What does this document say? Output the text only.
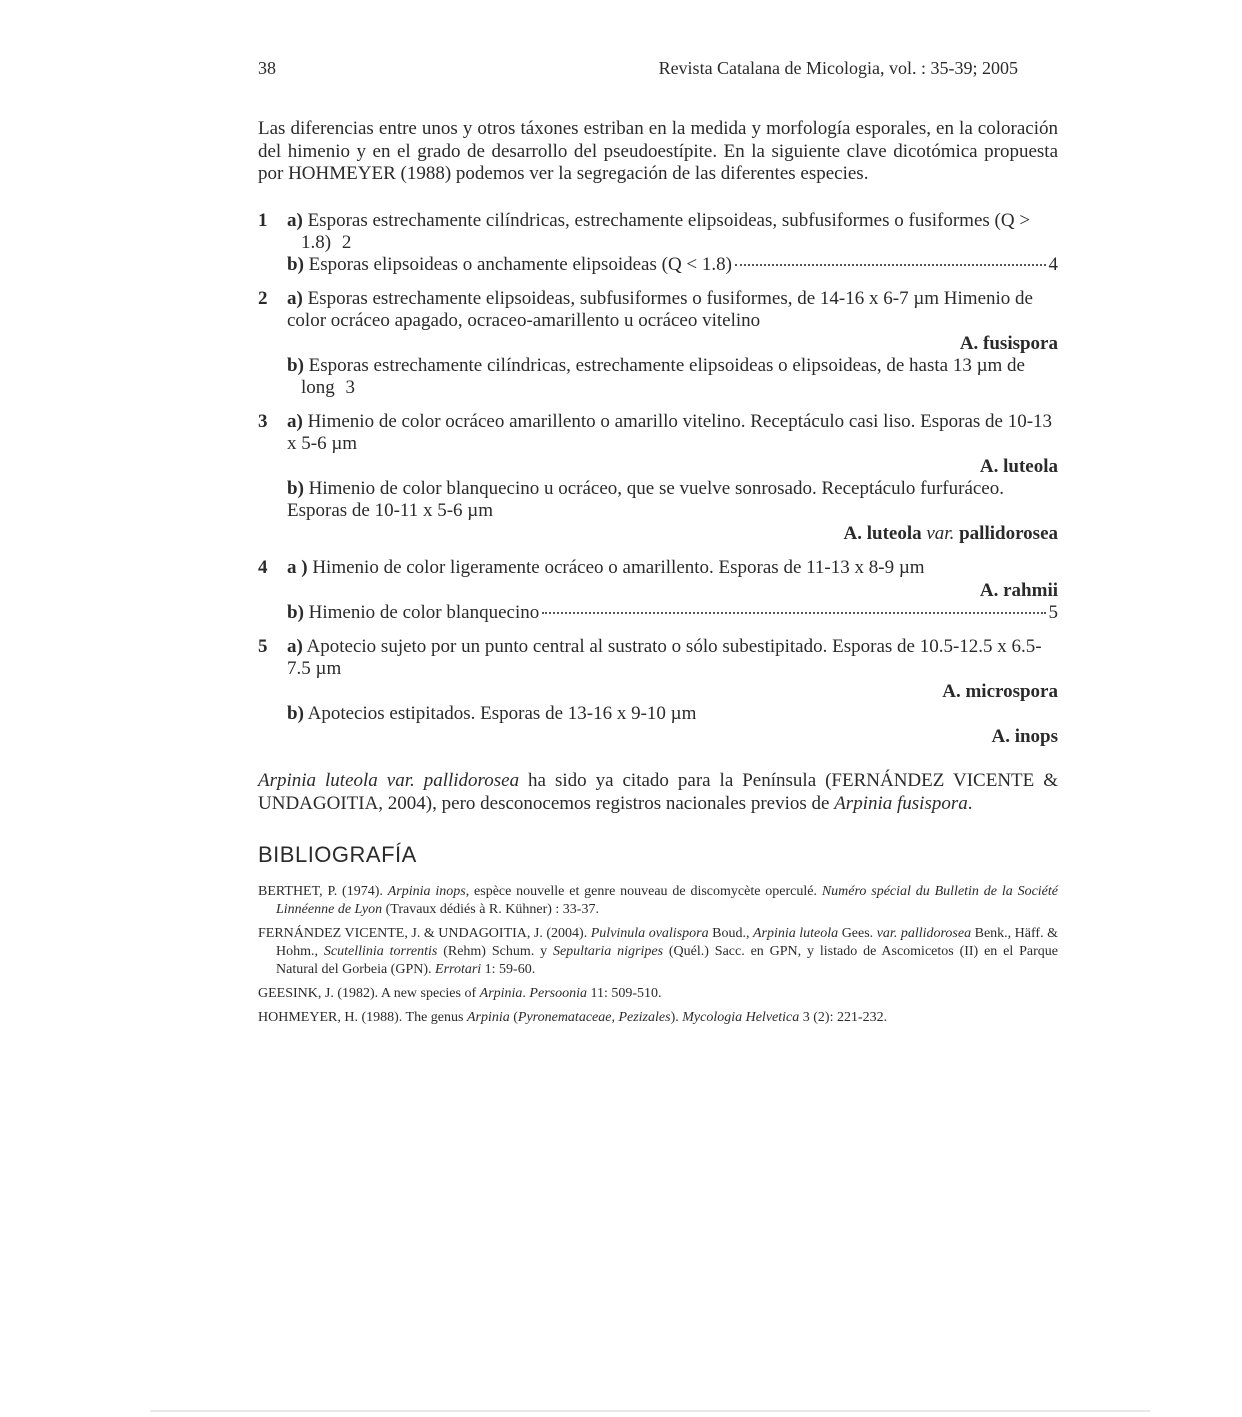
38	Revista Catalana de Micologia, vol. : 35-39; 2005

Las diferencias entre unos y otros táxones estriban en la medida y morfología esporales, en la coloración del himenio y en el grado de desarrollo del pseudoestípite. En la siguiente clave dicotómica propuesta por HOHMEYER (1988) podemos ver la segregación de las diferentes especies.

1 a) Esporas estrechamente cilíndricas, estrechamente elipsoideas, subfusiformes o fusiformes (Q >
1.8) 2
b) Esporas elipsoideas o anchamente elipsoideas (Q < 1.8)	4
2 a) Esporas estrechamente elipsoideas, subfusiformes o fusiformes, de 14-16 x 6-7 µm Himenio de color ocráceo apagado, ocraceo-amarillento u ocráceo vitelino
A. fusispora
b) Esporas estrechamente cilíndricas, estrechamente elipsoideas o elipsoideas, de hasta 13 µm de
long 3
3 a) Himenio de color ocráceo amarillento o amarillo vitelino. Receptáculo casi liso. Esporas de 10-13 x 5-6 µm
A. luteola
b) Himenio de color blanquecino u ocráceo, que se vuelve sonrosado. Receptáculo furfuráceo. Esporas de 10-11 x 5-6 µm
A. luteola var. pallidorosea
4 a ) Himenio de color ligeramente ocráceo o amarillento. Esporas de 11-13 x 8-9 µm
A. rahmii
b) Himenio de color blanquecino	5
5 a) Apotecio sujeto por un punto central al sustrato o sólo subestipitado. Esporas de 10.5-12.5 x 6.5-7.5 µm
A. microspora
b) Apotecios estipitados. Esporas de 13-16 x 9-10 µm
A. inops

Arpinia luteola var. pallidorosea ha sido ya citado para la Península (FERNÁNDEZ VICENTE & UNDAGOITIA, 2004), pero desconocemos registros nacionales previos de Arpinia fusispora.

BIBLIOGRAFÍA
BERTHET, P. (1974). Arpinia inops, espèce nouvelle et genre nouveau de discomycète operculé. Numéro spécial du Bulletin de la Société Linnéenne de Lyon (Travaux dédiés à R. Kühner) : 33-37.
FERNÁNDEZ VICENTE, J. & UNDAGOITIA, J. (2004). Pulvinula ovalispora Boud., Arpinia luteola Gees. var. pallidorosea Benk., Häff. & Hohm., Scutellinia torrentis (Rehm) Schum. y Sepultaria nigripes (Quél.) Sacc. en GPN, y listado de Ascomicetos (II) en el Parque Natural del Gorbeia (GPN). Errotari 1: 59-60.
GEESINK, J. (1982). A new species of Arpinia. Persoonia 11: 509-510.
HOHMEYER, H. (1988). The genus Arpinia (Pyronemataceae, Pezizales). Mycologia Helvetica 3 (2): 221-232.
